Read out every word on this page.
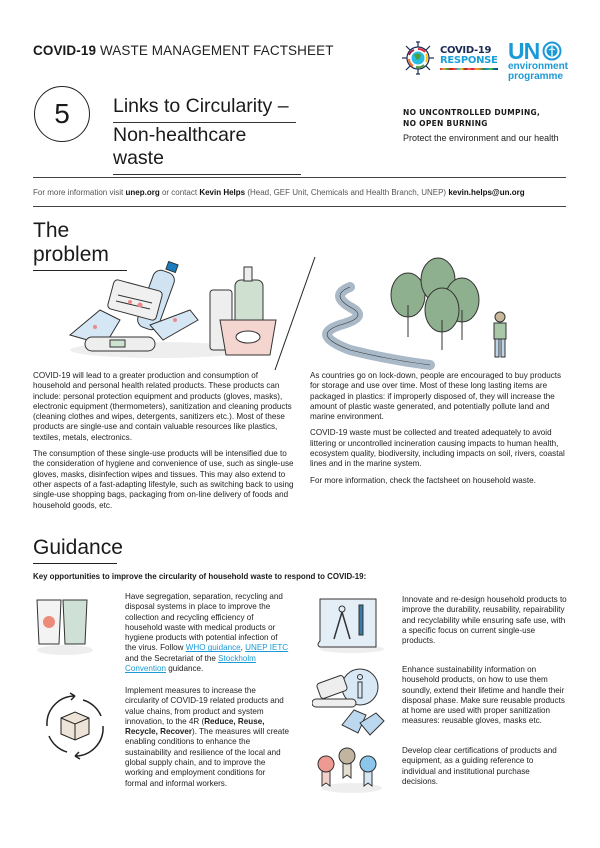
COVID-19 WASTE MANAGEMENT FACTSHEET
5	Links to Circularity –
Non-healthcare waste
COVID-19
RESPONSE UN
environment
programme
NO UNCONTROLLED DUMPING,
NO OPEN BURNING
Protect the environment and our health
For more information visit
unep.org
or contact
Kevin Helps
(Head, GEF Unit, Chemicals and Health Branch, UNEP)
kevin.helps@un.org
The problem

COVID-19 will lead to a greater production and consumption of household and personal health related products. These products can include: personal protection equipment and products (gloves, masks), electronic equipment (thermometers), sanitization and cleaning products (cleaning clothes and wipes, detergents, sanitizers etc.). Most of these products are single-use and contain valuable resources like plastics, textiles, metals, electronics.

The consumption of these single-use products will be intensified due to the consideration of hygiene and convenience of use, such as single-use gloves, masks, disinfection wipes and tissues. This may also extend to other aspects of a fast-adapting lifestyle, such as switching back to using single-use shopping bags, packaging from on-line delivery of foods and household goods, etc.

As countries go on lock-down, people are encouraged to buy products for storage and use over time. Most of these long lasting items are packaged in plastics: if improperly disposed of, they will increase the amount of plastic waste generated, and potentially pollute land and marine environment.

COVID-19 waste must be collected and treated adequately to avoid littering or uncontrolled incineration causing impacts to human health, ecosystem quality, biodiversity, including impacts on soil, rivers, coastal lines and in the marine system.

For more information, check the factsheet on household waste.

Guidance
Key opportunities to improve the circularity of household waste to respond to COVID-19:
Have segregation, separation, recycling and disposal systems in place to improve the collection and recycling efficiency of household waste with medical products or hygiene products with potential infection of the virus. Follow WHO guidance, UNEP IETC and the Secretariat of the Stockholm Convention guidance.
Implement measures to increase the circularity of COVID-19 related products and value chains, from product and system innovation, to the 4R (Reduce, Reuse, Recycle, Recover). The measures will create enabling conditions to enhance the sustainability and resilience of the local and global supply chain, and to improve the working and employment conditions for formal and informal workers.
Innovate and re-design household products to improve the durability, reusability, repairability and recyclability while ensuring safe use, with a specific focus on current single-use products.
Enhance sustainability information on household products, on how to use them soundly, extend their lifetime and handle their disposal phase. Make sure reusable products at home are used with proper sanitization measures: reusable gloves, masks etc.
Develop clear certifications of products and equipment, as a guiding reference to individual and institutional purchase decisions.
